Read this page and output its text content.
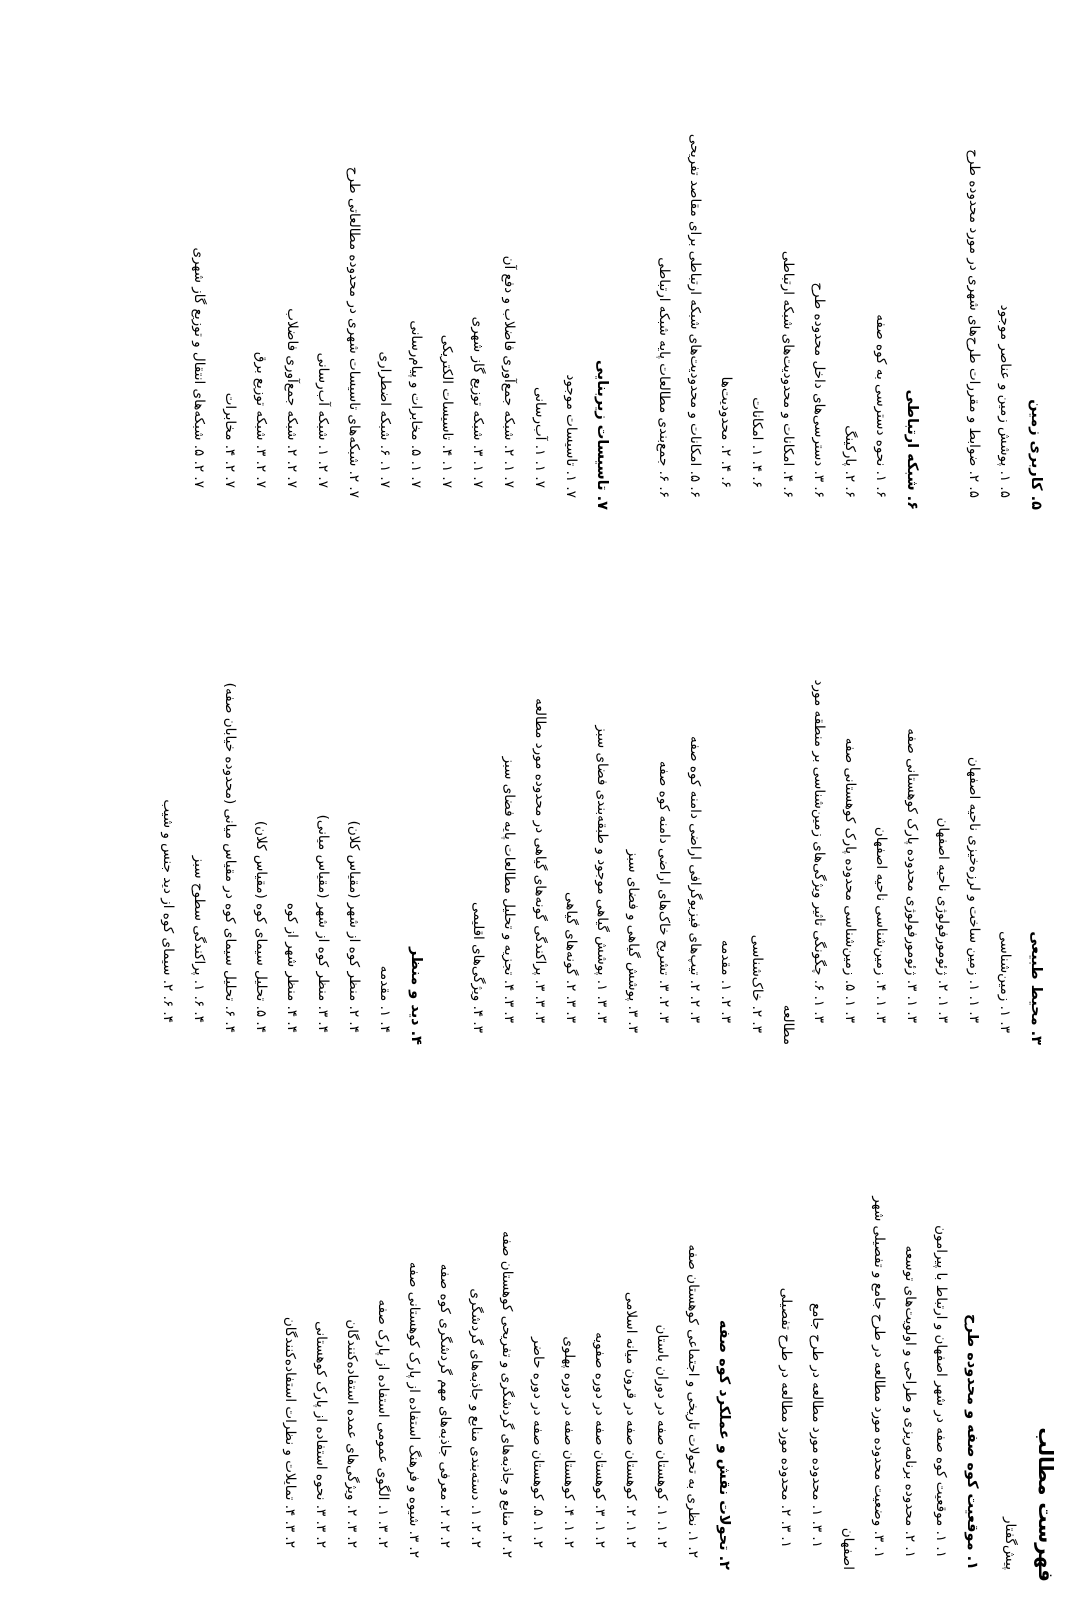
فهرست مطالب

پیش‌گفتار

۱. موقعیت کوه صفه و محدوده طرح

۱. ۱. موقعیت کوه صفه در شهر اصفهان و ارتباط با پیرامون

۱. ۲. محدوده برنامه‌ریزی و طراحی و اولویت‌های توسعه

۱. ۳. وضعیت محدوده مورد مطالعه در طرح جامع و تفصیلی شهر

اصفهان

۱. ۳. ۱. محدوده مورد مطالعه در طرح جامع

۱. ۳. ۲. محدوده مورد مطالعه در طرح تفصیلی

۲. تحولات نقش و عملکرد کوه صفه

۲. ۱. نظری به تحولات تاریخی و اجتماعی کوهستان صفه

۲. ۱. ۱. کوهستان صفه در دوران باستان

۲. ۱. ۲. کوهستان صفه در قرون میانه اسلامی

۲. ۱. ۳. کوهستان صفه در دوره صفویه

۲. ۱. ۴. کوهستان صفه در دوره پهلوی

۲. ۱. ۵. کوهستان صفه در دوره حاضر

۲. ۲. منابع و جاذبه‌های گردشگری و تفریحی کوهستان صفه

۲. ۲. ۱. دسته‌بندی منابع و جاذبه‌های گردشگری

۲. ۲. ۲. معرفی جاذبه‌های مهم گردشگری کوه صفه

۲. ۳. شیوه و فرهنگ استفاده از پارک کوهستانی صفه

۲. ۳. ۱. الگوی عمومی استفاده از پارک صفه

۲. ۳. ۲. ویژگی‌های عمده استفاده‌کنندگان

۲. ۳. ۳. نحوه استفاده از پارک کوهستانی

۲. ۳. ۴. تمایلات و نظرات استفاده‌کنندگان

۳. محیط طبیعی

۳. ۱. زمین‌شناسی

۳. ۱. ۱. زمین ساخت و لرزه‌خیزی ناحیه اصفهان

۳. ۱. ۲. ژئومورفولوژی ناحیه اصفهان

۳. ۱. ۳. ژئومورفولوژی محدوده پارک کوهستانی صفه

۳. ۱. ۴. زمین‌شناسی ناحیه اصفهان

۳. ۱. ۵. زمین‌شناسی محدوده پارک کوهستانی صفه

۳. ۱. ۶. چگونگی تاثیر ویژگی‌های زمین‌شناسی بر منطقه مورد

مطالعه

۳. ۲. خاک‌شناسی

۳. ۲. ۱. مقدمه

۳. ۲. ۲. تیپ‌های فیزیوگرافی اراضی دامنه کوه صفه

۳. ۲. ۳. تشریح خاک‌های اراضی دامنه کوه صفه

۳. ۳. پوشش گیاهی و فضای سبز

۳. ۳. ۱. پوشش گیاهی موجود و طبقه‌بندی فضای سبز

۳. ۳. ۲. گونه‌های گیاهی

۳. ۳. ۳. پراکندگی گونه‌های گیاهی در محدوده مورد مطالعه

۳. ۳. ۴. تجزیه و تحلیل مطالعات پایه فضای سبز

۳. ۴. ویژگی‌های اقلیمی

۴. دید و منظر

۴. ۱. مقدمه

۴. ۲. منظر کوه از شهر (مقیاس کلان)

۴. ۳. منظر کوه از شهر (مقیاس میانی)

۴. ۴. منظر شهر از کوه

۴. ۵. تحلیل سیمای کوه (مقیاس کلان)

۴. ۶. تحلیل سیمای کوه در مقیاس میانی (محدوده خیابان صفه)

۴. ۶. ۱. پراکندگی سطوح سبز

۴. ۶. ۲. سیمای کوه از دید جنس و شیب

۵. کاربری زمین

۵. ۱. پوشش زمین و عناصر موجود

۵. ۲. ضوابط و مقررات طرح‌های شهری در مورد محدوده طرح

۶. شبکه ارتباطی

۶. ۱. نحوه دسترسی به کوه صفه

۶. ۲. پارکینگ

۶. ۳. دسترسی‌های داخل محدوده طرح

۶. ۴. امکانات و محدودیت‌های شبکه ارتباطی

۶. ۴. ۱. امکانات

۶. ۴. ۲. محدودیت‌ها

۶. ۵. امکانات و محدودیت‌های شبکه ارتباطی برای مقاصد تفریحی

۶. ۶. جمع‌بندی مطالعات پایه شبکه ارتباطی

۷. تاسیسات زیربنایی

۷. ۱. تاسیسات موجود

۷. ۱. ۱. آب‌رسانی

۷. ۱. ۲. شبکه جمع‌آوری فاضلاب و دفع آن

۷. ۱. ۳. شبکه توزیع گاز شهری

۷. ۱. ۴. تاسیسات الکتریکی

۷. ۱. ۵. مخابرات و پیام‌رسانی

۷. ۱. ۶. شبکه اضطراری

۷. ۲. شبکه‌های تاسیسات شهری در محدوده مطالعاتی طرح

۷. ۲. ۱. شبکه آب‌رسانی

۷. ۲. ۲. شبکه جمع‌آوری فاضلاب

۷. ۲. ۳. شبکه توزیع برق

۷. ۲. ۴. مخابرات

۷. ۲. ۵. شبکه‌های انتقال و توزیع گاز شهری
